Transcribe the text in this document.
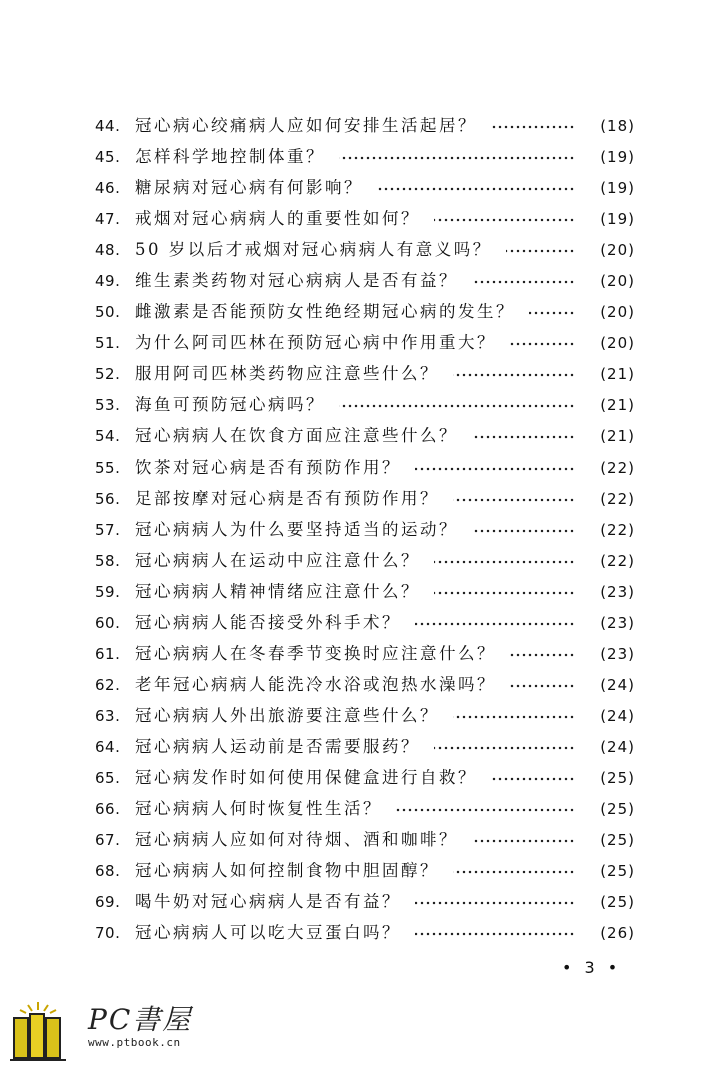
44. 冠心病心绞痛病人应如何安排生活起居？	(18)
45. 怎样科学地控制体重？	(19)
46. 糖尿病对冠心病有何影响？	(19)
47. 戒烟对冠心病病人的重要性如何？	(19)
48. 50 岁以后才戒烟对冠心病病人有意义吗？	(20)
49. 维生素类药物对冠心病病人是否有益？	(20)
50. 雌激素是否能预防女性绝经期冠心病的发生？	(20)
51. 为什么阿司匹林在预防冠心病中作用重大？	(20)
52. 服用阿司匹林类药物应注意些什么？	(21)
53. 海鱼可预防冠心病吗？	(21)
54. 冠心病病人在饮食方面应注意些什么？	(21)
55. 饮茶对冠心病是否有预防作用？	(22)
56. 足部按摩对冠心病是否有预防作用？	(22)
57. 冠心病病人为什么要坚持适当的运动？	(22)
58. 冠心病病人在运动中应注意什么？	(22)
59. 冠心病病人精神情绪应注意什么？	(23)
60. 冠心病病人能否接受外科手术？	(23)
61. 冠心病病人在冬春季节变换时应注意什么？	(23)
62. 老年冠心病病人能洗冷水浴或泡热水澡吗？	(24)
63. 冠心病病人外出旅游要注意些什么？	(24)
64. 冠心病病人运动前是否需要服药？	(24)
65. 冠心病发作时如何使用保健盒进行自救？	(25)
66. 冠心病病人何时恢复性生活？	(25)
67. 冠心病病人应如何对待烟、酒和咖啡？	(25)
68. 冠心病病人如何控制食物中胆固醇？	(25)
69. 喝牛奶对冠心病病人是否有益？	(25)
70. 冠心病病人可以吃大豆蛋白吗？	(26)
• 3 •
PC書屋
www.ptbook.cn
